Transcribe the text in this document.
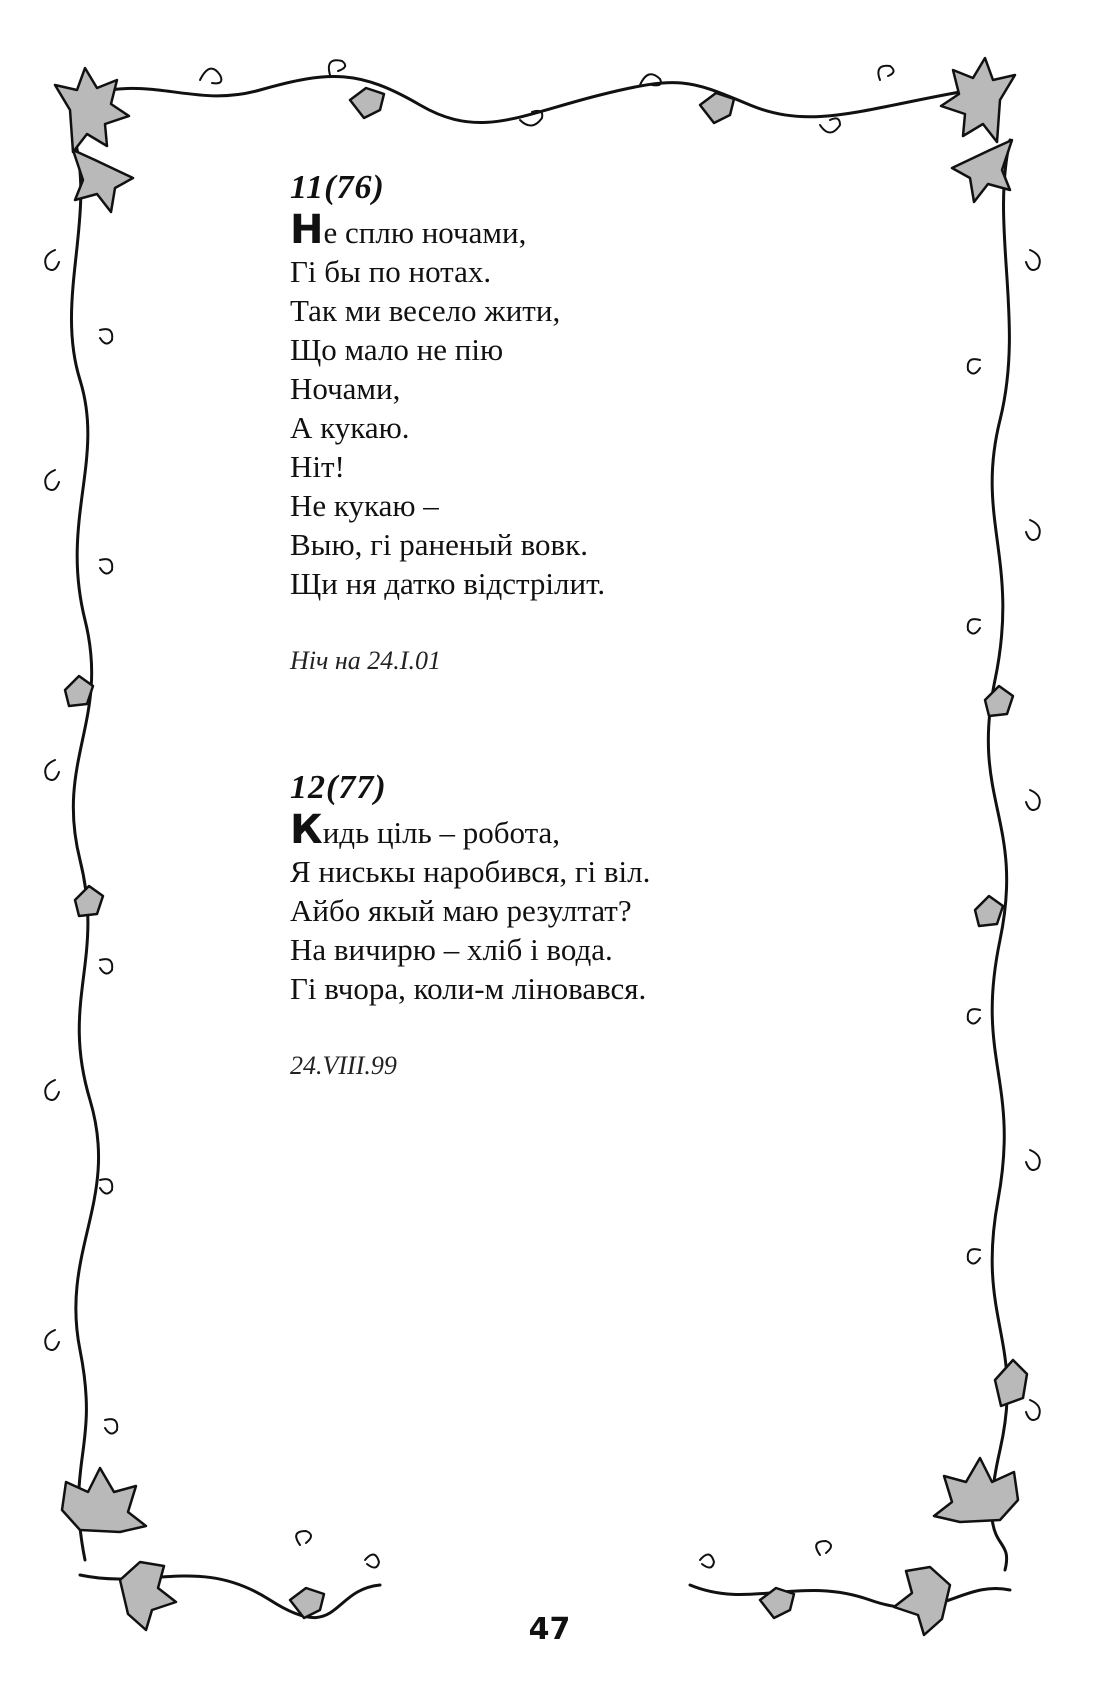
11(76)
Не сплю ночами,
Гі бы по нотах.
Так ми весело жити,
Що мало не пію
Ночами,
А кукаю.
Ніт!
Не кукаю –
Выю, гі раненый вовк.
Щи ня датко відстрілит.
Ніч на 24.І.01
12(77)
Кидь ціль – робота,
Я ниськы наробився, гі віл.
Айбо якый маю резултат?
На вичирю – хліб і вода.
Гі вчора, коли-м ліновався.
24.VІІІ.99
47
